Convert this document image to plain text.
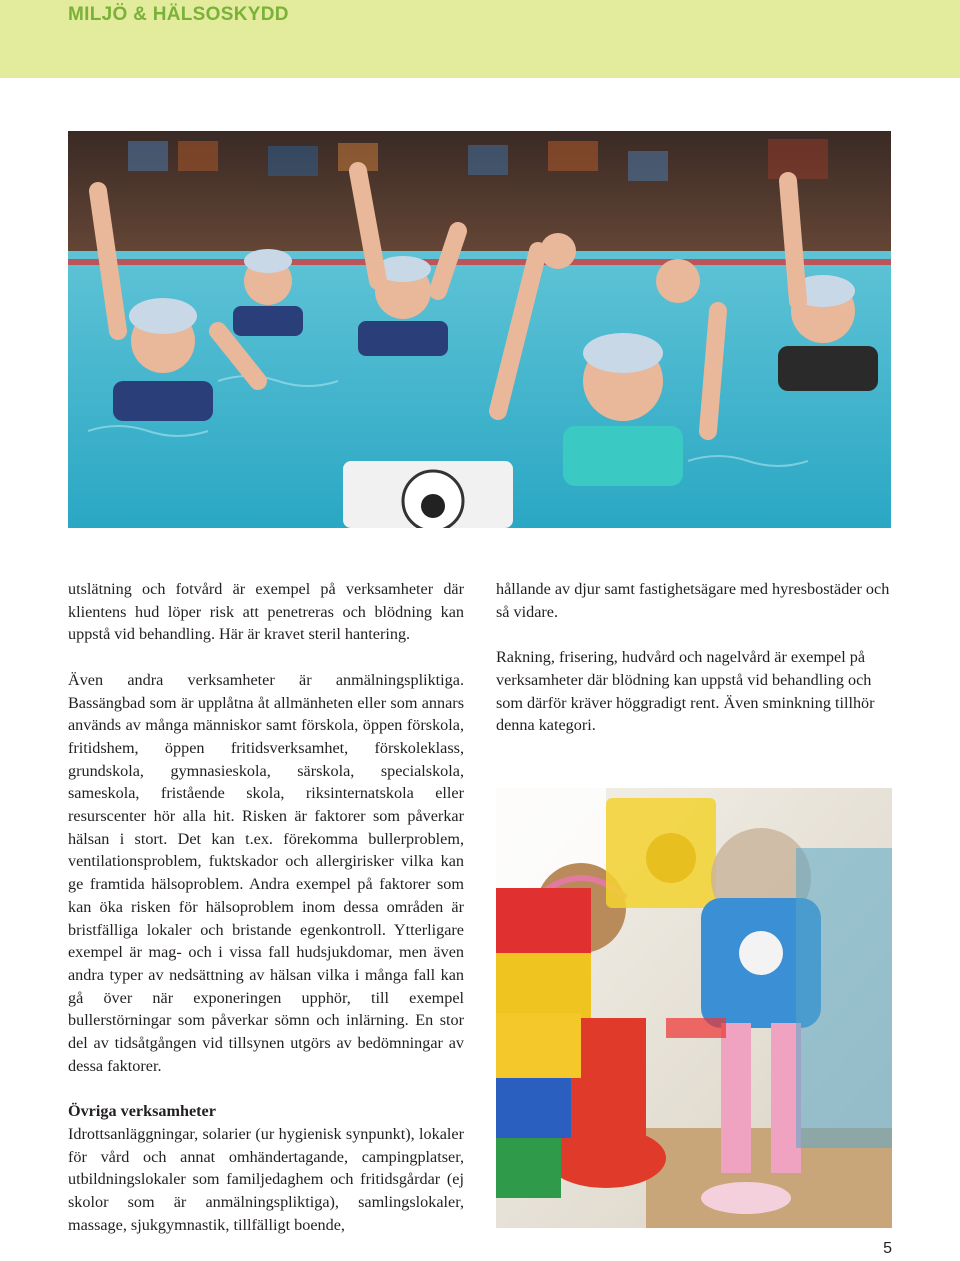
MILJÖ & HÄLSOSKYDD

utslätning och fotvård är exempel på verksamheter där klientens hud löper risk att penetreras och blödning kan uppstå vid behandling. Här är kravet steril hantering.

Även andra verksamheter är anmälningspliktiga. Bassängbad som är upplåtna åt allmänheten eller som annars används av många människor samt förskola, öppen förskola, fritidshem, öppen fritidsverksamhet, förskoleklass, grundskola, gymnasieskola, särskola, specialskola, sameskola, fristående skola, riksinternatskola eller resurscenter hör alla hit. Risken är faktorer som påverkar hälsan i stort. Det kan t.ex. förekomma bullerproblem, ventilationsproblem, fuktskador och allergirisker vilka kan ge framtida hälsoproblem. Andra exempel på faktorer som kan öka risken för hälsoproblem inom dessa områden är bristfälliga lokaler och bristande egenkontroll. Ytterligare exempel är mag- och i vissa fall hudsjukdomar, men även andra typer av nedsättning av hälsan vilka i många fall kan gå över när exponeringen upphör, till exempel bullerstörningar som påverkar sömn och inlärning. En stor del av tidsåtgången vid tillsynen utgörs av bedömningar av dessa faktorer.

Övriga verksamheter

Idrottsanläggningar, solarier (ur hygienisk synpunkt), lokaler för vård och annat omhändertagande, campingplatser, utbildningslokaler som familjedaghem och fritidsgårdar (ej skolor som är anmälningspliktiga), samlingslokaler, massage, sjukgymnastik, tillfälligt boende,

hållande av djur samt fastighetsägare med hyresbostäder och så vidare.

Rakning, frisering, hudvård och nagelvård är exempel på verksamheter där blödning kan uppstå vid behandling och som därför kräver höggradigt rent. Även sminkning tillhör denna kategori.

5
